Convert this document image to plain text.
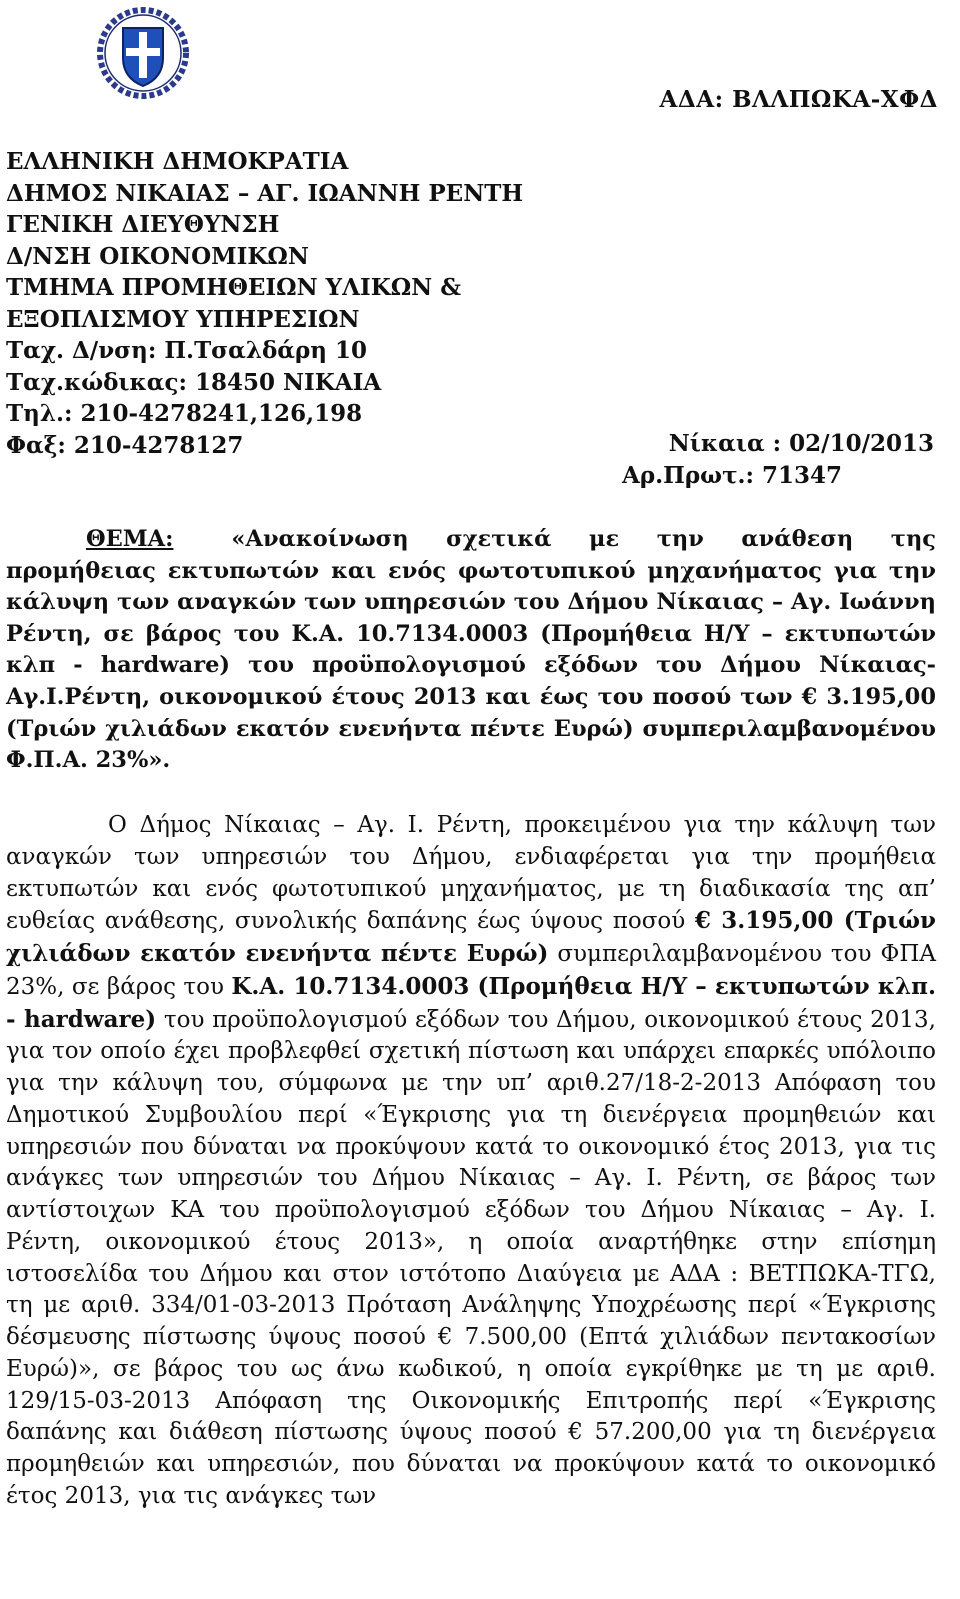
ΑΔΑ: ΒΛΛΠΩΚΑ-ΧΦΔ
ΕΛΛΗΝΙΚΗ ΔΗΜΟΚΡΑΤΙΑ
ΔΗΜΟΣ ΝΙΚΑΙΑΣ – ΑΓ. ΙΩΑΝΝΗ ΡΕΝΤΗ
ΓΕΝΙΚΗ ΔΙΕΥΘΥΝΣΗ
Δ/ΝΣΗ ΟΙΚΟΝΟΜΙΚΩΝ
ΤΜΗΜΑ ΠΡΟΜΗΘΕΙΩΝ ΥΛΙΚΩΝ &
ΕΞΟΠΛΙΣΜΟΥ ΥΠΗΡΕΣΙΩΝ
Ταχ. Δ/νση: Π.Τσαλδάρη 10
Ταχ.κώδικας: 18450 ΝΙΚΑΙΑ
Τηλ.: 210-4278241,126,198
Φαξ: 210-4278127	Νίκαια : 02/10/2013
Αρ.Πρωτ.: 71347
ΘΕΜΑ:	«Ανακοίνωση σχετικά με την ανάθεση της προμήθειας εκτυπωτών και ενός φωτοτυπικού μηχανήματος για την κάλυψη των αναγκών των υπηρεσιών του Δήμου Νίκαιας – Αγ. Ιωάννη Ρέντη, σε βάρος του Κ.Α. 10.7134.0003 (Προμήθεια Η/Υ – εκτυπωτών κλπ - hardware) του προϋπολογισμού εξόδων του Δήμου Νίκαιας-Αγ.Ι.Ρέντη, οικονομικού έτους 2013 και έως του ποσού των € 3.195,00 (Τριών χιλιάδων εκατόν ενενήντα πέντε Ευρώ) συμπεριλαμβανομένου Φ.Π.Α. 23%».

Ο Δήμος Νίκαιας – Αγ. Ι. Ρέντη, προκειμένου για την κάλυψη των αναγκών των υπηρεσιών του Δήμου, ενδιαφέρεται για την προμήθεια εκτυπωτών και ενός φωτοτυπικού μηχανήματος, με τη διαδικασία της απ’ ευθείας ανάθεσης, συνολικής δαπάνης έως ύψους ποσού € 3.195,00 (Τριών χιλιάδων εκατόν ενενήντα πέντε Ευρώ) συμπεριλαμβανομένου του ΦΠΑ 23%, σε βάρος του Κ.Α. 10.7134.0003 (Προμήθεια Η/Υ – εκτυπωτών κλπ. - hardware) του προϋπολογισμού εξόδων του Δήμου, οικονομικού έτους 2013, για τον οποίο έχει προβλεφθεί σχετική πίστωση και υπάρχει επαρκές υπόλοιπο για την κάλυψη του, σύμφωνα με την υπ’ αριθ.27/18-2-2013 Απόφαση του Δημοτικού Συμβουλίου περί «Έγκρισης για τη διενέργεια προμηθειών και υπηρεσιών που δύναται να προκύψουν κατά το οικονομικό έτος 2013, για τις ανάγκες των υπηρεσιών του Δήμου Νίκαιας – Αγ. Ι. Ρέντη, σε βάρος των αντίστοιχων ΚΑ του προϋπολογισμού εξόδων του Δήμου Νίκαιας – Αγ. Ι. Ρέντη, οικονομικού έτους 2013», η οποία αναρτήθηκε στην επίσημη ιστοσελίδα του Δήμου και στον ιστότοπο Διαύγεια με ΑΔΑ : ΒΕΤΠΩΚΑ-ΤΓΩ, τη με αριθ. 334/01-03-2013 Πρόταση Ανάληψης Υποχρέωσης περί «Έγκρισης δέσμευσης πίστωσης ύψους ποσού € 7.500,00 (Επτά χιλιάδων πεντακοσίων Ευρώ)», σε βάρος του ως άνω κωδικού, η οποία εγκρίθηκε με τη με αριθ. 129/15-03-2013 Απόφαση της Οικονομικής Επιτροπής περί «Έγκρισης δαπάνης και διάθεση πίστωσης ύψους ποσού € 57.200,00 για τη διενέργεια προμηθειών και υπηρεσιών, που δύναται να προκύψουν κατά το οικονομικό έτος 2013, για τις ανάγκες των
